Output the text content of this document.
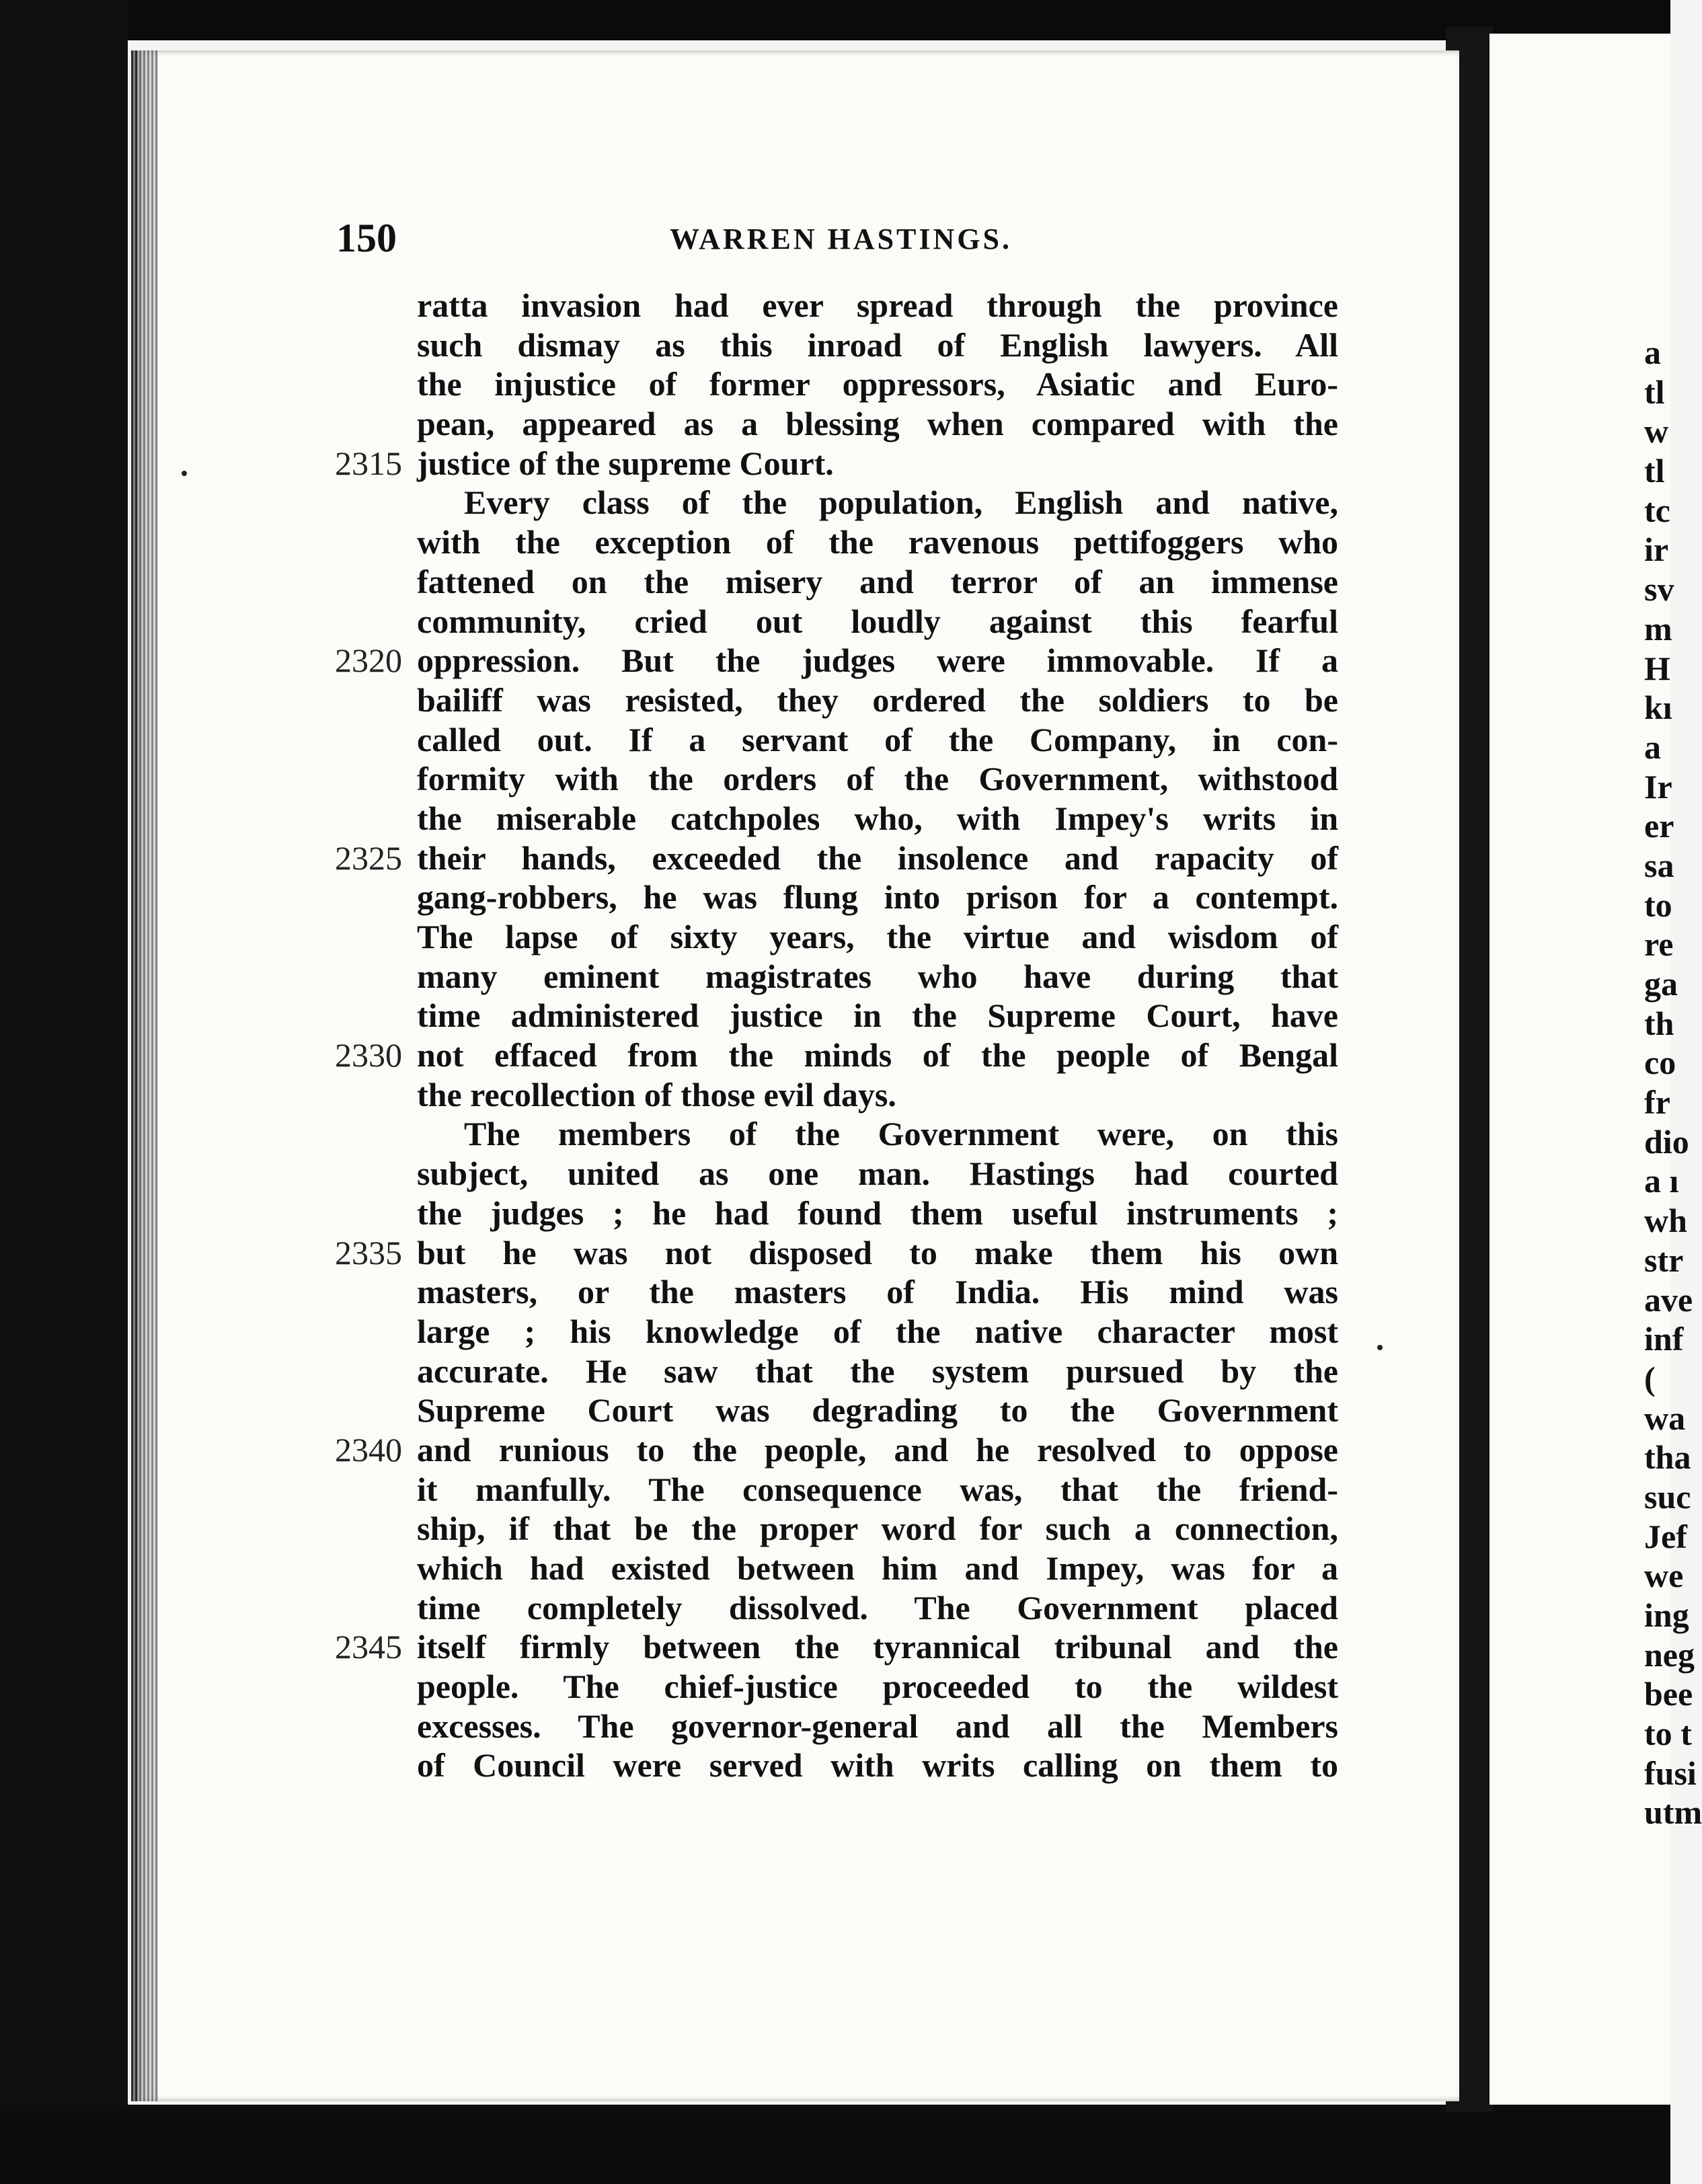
150	WARREN HASTINGS.
ratta invasion had ever spread through the province
such dismay as this inroad of English lawyers. All
the injustice of former oppressors, Asiatic and Euro-
pean, appeared as a blessing when compared with the
2315 justice of the supreme Court.
Every class of the population, English and native,
with the exception of the ravenous pettifoggers who
fattened on the misery and terror of an immense
community, cried out loudly against this fearful
2320 oppression. But the judges were immovable. If a
bailiff was resisted, they ordered the soldiers to be
called out. If a servant of the Company, in con-
formity with the orders of the Government, withstood
the miserable catchpoles who, with Impey's writs in
2325 their hands, exceeded the insolence and rapacity of
gang-robbers, he was flung into prison for a contempt.
The lapse of sixty years, the virtue and wisdom of
many eminent magistrates who have during that
time administered justice in the Supreme Court, have
2330 not effaced from the minds of the people of Bengal
the recollection of those evil days.
The members of the Government were, on this
subject, united as one man. Hastings had courted
the judges ; he had found them useful instruments ;
2335 but he was not disposed to make them his own
masters, or the masters of India. His mind was
large ; his knowledge of the native character most
accurate. He saw that the system pursued by the
Supreme Court was degrading to the Government
2340 and runious to the people, and he resolved to oppose
it manfully. The consequence was, that the friend-
ship, if that be the proper word for such a connection,
which had existed between him and Impey, was for a
time completely dissolved. The Government placed
2345 itself firmly between the tyrannical tribunal and the
people. The chief-justice proceeded to the wildest
excesses. The governor-general and all the Members
of Council were served with writs calling on them to
a
tl
w
tl
tc
ir
sv
m
H
kı
a
Ir
er
sa
to
re
ga
th
co
fr
dio
a ı
wh
str
ave
inf
(
wa
tha
suc
Jef
we
ing
neg
bee
to t
fusi
utm
